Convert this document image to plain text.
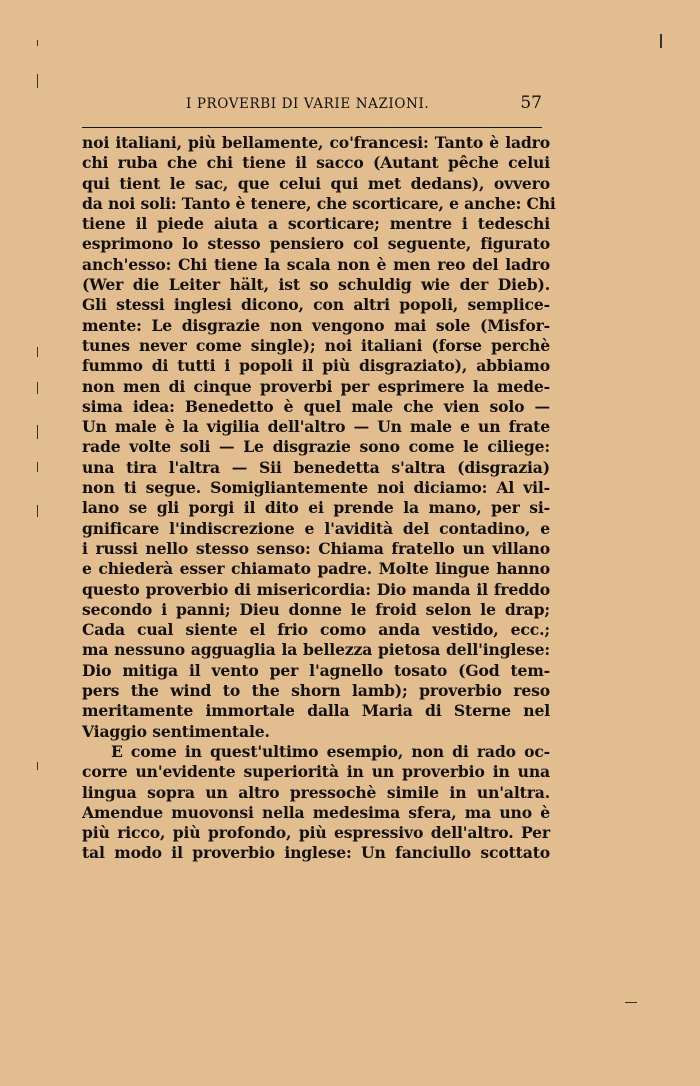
I PROVERBI DI VARIE NAZIONI.	57
noi italiani, più bellamente, co'francesi: Tanto è ladro
chi ruba che chi tiene il sacco (Autant pêche celui
qui tient le sac, que celui qui met dedans), ovvero
da noi soli: Tanto è tenere, che scorticare, e anche: Chi
tiene il piede aiuta a scorticare; mentre i tedeschi
esprimono lo stesso pensiero col seguente, figurato
anch'esso: Chi tiene la scala non è men reo del ladro
(Wer die Leiter hält, ist so schuldig wie der Dieb).
Gli stessi inglesi dicono, con altri popoli, semplice-
mente: Le disgrazie non vengono mai sole (Misfor-
tunes never come single); noi italiani (forse perchè
fummo di tutti i popoli il più disgraziato), abbiamo
non men di cinque proverbi per esprimere la mede-
sima idea: Benedetto è quel male che vien solo —
Un male è la vigilia dell'altro — Un male e un frate
rade volte soli — Le disgrazie sono come le ciliege:
una tira l'altra — Sii benedetta s'altra (disgrazia)
non ti segue. Somigliantemente noi diciamo: Al vil-
lano se gli porgi il dito ei prende la mano, per si-
gnificare l'indiscrezione e l'avidità del contadino, e
i russi nello stesso senso: Chiama fratello un villano
e chiederà esser chiamato padre. Molte lingue hanno
questo proverbio di misericordia: Dio manda il freddo
secondo i panni; Dieu donne le froid selon le drap;
Cada cual siente el frio como anda vestido, ecc.;
ma nessuno agguaglia la bellezza pietosa dell'inglese:
Dio mitiga il vento per l'agnello tosato (God tem-
pers the wind to the shorn lamb); proverbio reso
meritamente immortale dalla Maria di Sterne nel
Viaggio sentimentale.
E come in quest'ultimo esempio, non di rado oc-
corre un'evidente superiorità in un proverbio in una
lingua sopra un altro pressochè simile in un'altra.
Amendue muovonsi nella medesima sfera, ma uno è
più ricco, più profondo, più espressivo dell'altro. Per
tal modo il proverbio inglese: Un fanciullo scottato
